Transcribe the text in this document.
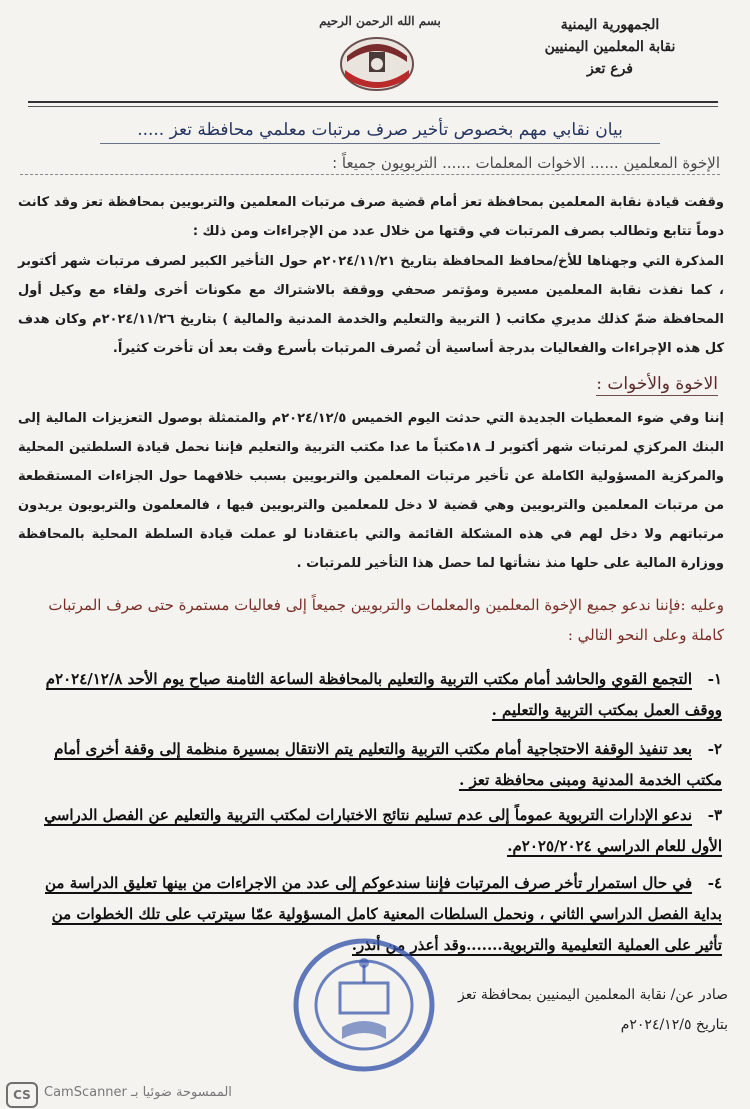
الجمهورية اليمنية
نقابة المعلمين اليمنيين
فرع تعز
بسم الله الرحمن الرحيم
بيان نقابي مهم بخصوص تأخير صرف مرتبات معلمي محافظة تعز .....
الإخوة المعلمين ...... الاخوات المعلمات ...... التربويون جميعاً :
وقفت قيادة نقابة المعلمين بمحافظة تعز أمام قضية صرف مرتبات المعلمين والتربويين بمحافظة تعز وقد كانت دوماً تتابع وتطالب بصرف المرتبات في وقتها من خلال عدد من الإجراءات ومن ذلك :
المذكرة التي وجهناها للأخ/محافظ المحافظة بتاريخ ٢٠٢٤/١١/٢١م حول التأخير الكبير لصرف مرتبات شهر أكتوبر ، كما نفذت نقابة المعلمين مسيرة ومؤتمر صحفي ووقفة بالاشتراك مع مكونات أخرى ولقاء مع وكيل أول المحافظة ضمّ كذلك مديري مكاتب ( التربية والتعليم والخدمة المدنية والمالية ) بتاريخ ٢٠٢٤/١١/٢٦م وكان هدف كل هذه الإجراءات والفعاليات بدرجة أساسية أن تُصرف المرتبات بأسرع وقت بعد أن تأخرت كثيراً.
الاخوة والأخوات :
إننا وفي ضوء المعطيات الجديدة التي حدثت اليوم الخميس ٢٠٢٤/١٢/٥م والمتمثلة بوصول التعزيزات المالية إلى البنك المركزي لمرتبات شهر أكتوبر لـ ١٨مكتباً ما عدا مكتب التربية والتعليم فإننا نحمل قيادة السلطتين المحلية والمركزية المسؤولية الكاملة عن تأخير مرتبات المعلمين والتربويين بسبب خلافهما حول الجزاءات المستقطعة من مرتبات المعلمين والتربويين وهي قضية لا دخل للمعلمين والتربويين فيها ، فالمعلمون والتربويون يريدون مرتباتهم ولا دخل لهم في هذه المشكلة القائمة والتي باعتقادنا لو عملت قيادة السلطة المحلية بالمحافظة ووزارة المالية على حلها منذ نشأتها لما حصل هذا التأخير للمرتبات .
وعليه :فإننا ندعو جميع الإخوة المعلمين والمعلمات والتربويين جميعاً إلى فعاليات مستمرة حتى صرف المرتبات كاملة وعلى النحو التالي :
١-التجمع القوي والحاشد أمام مكتب التربية والتعليم بالمحافظة الساعة الثامنة صباح يوم الأحد ٢٠٢٤/١٢/٨م ووقف العمل بمكتب التربية والتعليم .
٢-بعد تنفيذ الوقفة الاحتجاجية أمام مكتب التربية والتعليم يتم الانتقال بمسيرة منظمة إلى وقفة أخرى أمام مكتب الخدمة المدنية ومبنى محافظة تعز .
٣-ندعو الإدارات التربوية عموماً إلى عدم تسليم نتائج الاختبارات لمكتب التربية والتعليم عن الفصل الدراسي الأول للعام الدراسي ٢٠٢٥/٢٠٢٤م.
٤-في حال استمرار تأخر صرف المرتبات فإننا سندعوكم إلى عدد من الاجراءات من بينها تعليق الدراسة من بداية الفصل الدراسي الثاني ، ونحمل السلطات المعنية كامل المسؤولية عمّا سيترتب على تلك الخطوات من تأثير على العملية التعليمية والتربوية.......وقد أعذر من أنذر.
صادر عن/ نقابة المعلمين اليمنيين بمحافظة تعز
بتاريخ ٢٠٢٤/١٢/٥م
CS	الممسوحة ضوئيا بـ CamScanner
